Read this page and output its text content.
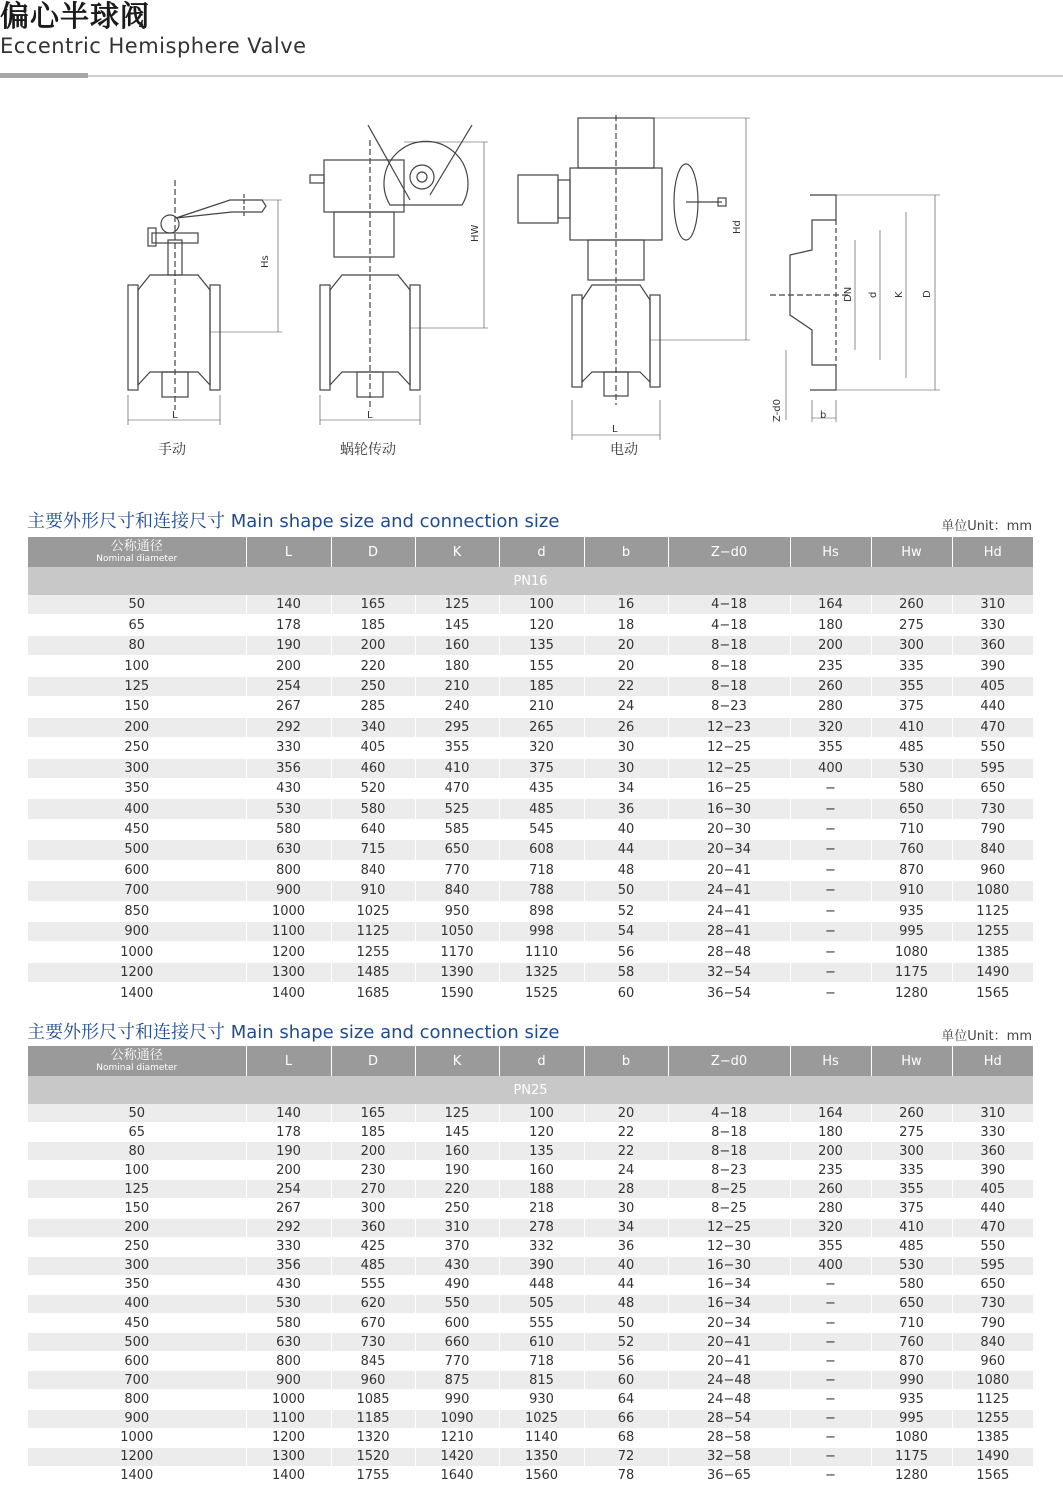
偏心半球阀
Eccentric Hemisphere Valve
Hs
HW	Hd
L	L
L
DN d K D
Z-d0	b
手动	蜗轮传动	电动
主要外形尺寸和连接尺寸 Main shape size and connection size	单位Unit：mm
公称通径
Nominal diameter	L	D	K	d	b	Z−d0	Hs	Hw	Hd
PN16									
50	140	165	125	100	16	4−18	164	260	310
65	178	185	145	120	18	4−18	180	275	330
80	190	200	160	135	20	8−18	200	300	360
100	200	220	180	155	20	8−18	235	335	390
125	254	250	210	185	22	8−18	260	355	405
150	267	285	240	210	24	8−23	280	375	440
200	292	340	295	265	26	12−23	320	410	470
250	330	405	355	320	30	12−25	355	485	550
300	356	460	410	375	30	12−25	400	530	595
350	430	520	470	435	34	16−25	−	580	650
400	530	580	525	485	36	16−30	−	650	730
450	580	640	585	545	40	20−30	−	710	790
500	630	715	650	608	44	20−34	−	760	840
600	800	840	770	718	48	20−41	−	870	960
700	900	910	840	788	50	24−41	−	910	1080
850	1000	1025	950	898	52	24−41	−	935	1125
900	1100	1125	1050	998	54	28−41	−	995	1255
1000	1200	1255	1170	1110	56	28−48	−	1080	1385
1200	1300	1485	1390	1325	58	32−54	−	1175	1490
1400	1400	1685	1590	1525	60	36−54	−	1280	1565
主要外形尺寸和连接尺寸 Main shape size and connection size	单位Unit：mm
公称通径
Nominal diameter	L	D	K	d	b	Z−d0	Hs	Hw	Hd
PN25									
50	140	165	125	100	20	4−18	164	260	310
65	178	185	145	120	22	8−18	180	275	330
80	190	200	160	135	22	8−18	200	300	360
100	200	230	190	160	24	8−23	235	335	390
125	254	270	220	188	28	8−25	260	355	405
150	267	300	250	218	30	8−25	280	375	440
200	292	360	310	278	34	12−25	320	410	470
250	330	425	370	332	36	12−30	355	485	550
300	356	485	430	390	40	16−30	400	530	595
350	430	555	490	448	44	16−34	−	580	650
400	530	620	550	505	48	16−34	−	650	730
450	580	670	600	555	50	20−34	−	710	790
500	630	730	660	610	52	20−41	−	760	840
600	800	845	770	718	56	20−41	−	870	960
700	900	960	875	815	60	24−48	−	990	1080
800	1000	1085	990	930	64	24−48	−	935	1125
900	1100	1185	1090	1025	66	28−54	−	995	1255
1000	1200	1320	1210	1140	68	28−58	−	1080	1385
1200	1300	1520	1420	1350	72	32−58	−	1175	1490
1400	1400	1755	1640	1560	78	36−65	−	1280	1565
